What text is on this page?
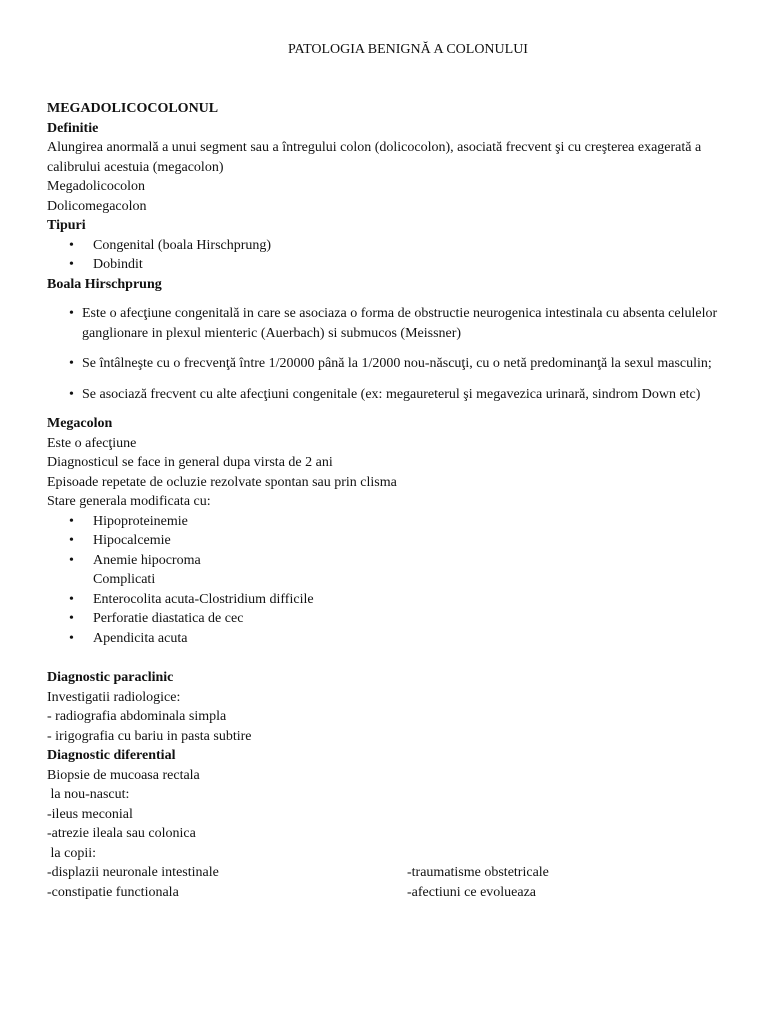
PATOLOGIA BENIGNĂ A COLONULUI
MEGADOLICOCOLONUL
Definitie
Alungirea anormală a unui segment sau a întregului colon (dolicocolon), asociată frecvent şi cu creşterea exagerată a calibrului acestuia (megacolon)
Megadolicocolon
Dolicomegacolon
Tipuri
• Congenital (boala Hirschprung)
• Dobindit
Boala Hirschprung
• Este o afecţiune congenitală in care se asociaza o forma de obstructie neurogenica intestinala cu absenta celulelor ganglionare in plexul mienteric (Auerbach) si submucos (Meissner)
• Se întâlneşte cu o frecvenţă între 1/20000 până la 1/2000 nou-născuţi, cu o netă predominanţă la sexul masculin;
• Se asociază frecvent cu alte afecţiuni congenitale (ex: megaureterul şi megavezica urinară, sindrom Down etc)
Megacolon
Este o afecţiune
Diagnosticul se face in general dupa virsta de 2 ani
Episoade repetate de ocluzie rezolvate spontan sau prin clisma
Stare generala modificata cu:
• Hipoproteinemie
• Hipocalcemie
• Anemie hipocroma
Complicati
• Enterocolita acuta-Clostridium difficile
• Perforatie diastatica de cec
• Apendicita acuta
Diagnostic paraclinic
Investigatii radiologice:
- radiografia abdominala simpla
- irigografia cu bariu in pasta subtire
Diagnostic diferential
Biopsie de mucoasa rectala
la nou-nascut:
-ileus meconial
-atrezie ileala sau colonica
la copii:
-displazii neuronale intestinale	-traumatisme obstetricale
-constipatie functionala	-afectiuni ce evolueaza
